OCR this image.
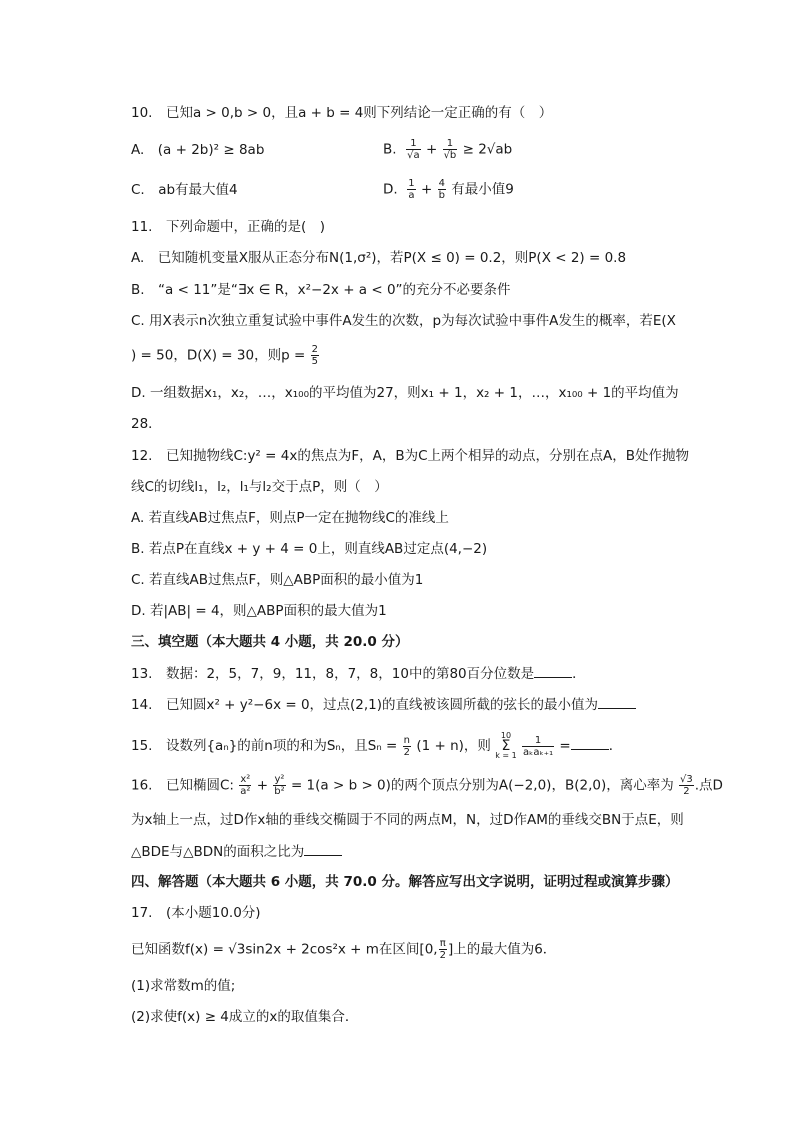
10. 已知a > 0,b > 0，且a + b = 4则下列结论一定正确的有（ ）
A. (a + 2b)² ≥ 8ab	B. $\frac{1}{√a} + \frac{1}{√b} \ge 2√ab$
C. ab有最大值4	D. $\frac{1}{a} + \frac{4}{b}$ 有最小值9
11. 下列命题中，正确的是( )
A. 已知随机变量X服从正态分布N(1,σ²)，若P(X ≤ 0) = 0.2，则P(X < 2) = 0.8
B. “a < 11”是“∃x ∈ R，x²−2x + a < 0”的充分不必要条件
C. 用X表示n次独立重复试验中事件A发生的次数，p为每次试验中事件A发生的概率，若E(X
) = 50，D(X) = 30，则$p = \frac{2}{5}$
D. 一组数据x₁，x₂，…，x₁₀₀的平均值为27，则x₁ + 1，x₂ + 1，…，x₁₀₀ + 1的平均值为
28．
12. 已知抛物线C:y² = 4x的焦点为F，A，B为C上两个相异的动点，分别在点A，B处作抛物
线C的切线l₁，l₂，l₁与l₂交于点P，则（ ）
A. 若直线AB过焦点F，则点P一定在抛物线C的准线上
B. 若点P在直线x + y + 4 = 0上，则直线AB过定点(4,−2)
C. 若直线AB过焦点F，则△ABP面积的最小值为1
D. 若|AB| = 4，则△ABP面积的最大值为1
三、填空题（本大题共 4 小题，共 20.0 分）
13. 数据：2，5，7，9，11，8，7，8，10中的第80百分位数是	．
14. 已知圆x² + y²−6x = 0，过点(2,1)的直线被该圆所截的弦长的最小值为
15. 设数列{aₙ}的前n项的和为Sₙ，且$S_n = \frac{n}{2} (1 + n)$，则
10
Σ
k = 1
$\frac{1}{\text{aₖaₖ₊₁}}$ =	．
16. 已知椭圆C: $\frac{\text{x²}}{\text{a²}} + \frac{\text{y²}}{\text{b²}} = 1(a > b > 0)$的两个顶点分别为A(−2,0)，B(2,0)，离心率为 $\frac{√3}{2}$ .点D
为x轴上一点，过D作x轴的垂线交椭圆于不同的两点M，N，过D作AM的垂线交BN于点E，则
△BDE与△BDN的面积之比为
四、解答题（本大题共 6 小题，共 70.0 分。解答应写出文字说明，证明过程或演算步骤）
17. (本小题10.0分)
已知函数f(x) = √3sin2x + 2cos²x + m在区间[0, $\frac{\pi}{2}$ ]上的最大值为6．
(1)求常数m的值;
(2)求使f(x) ≥ 4成立的x的取值集合．
